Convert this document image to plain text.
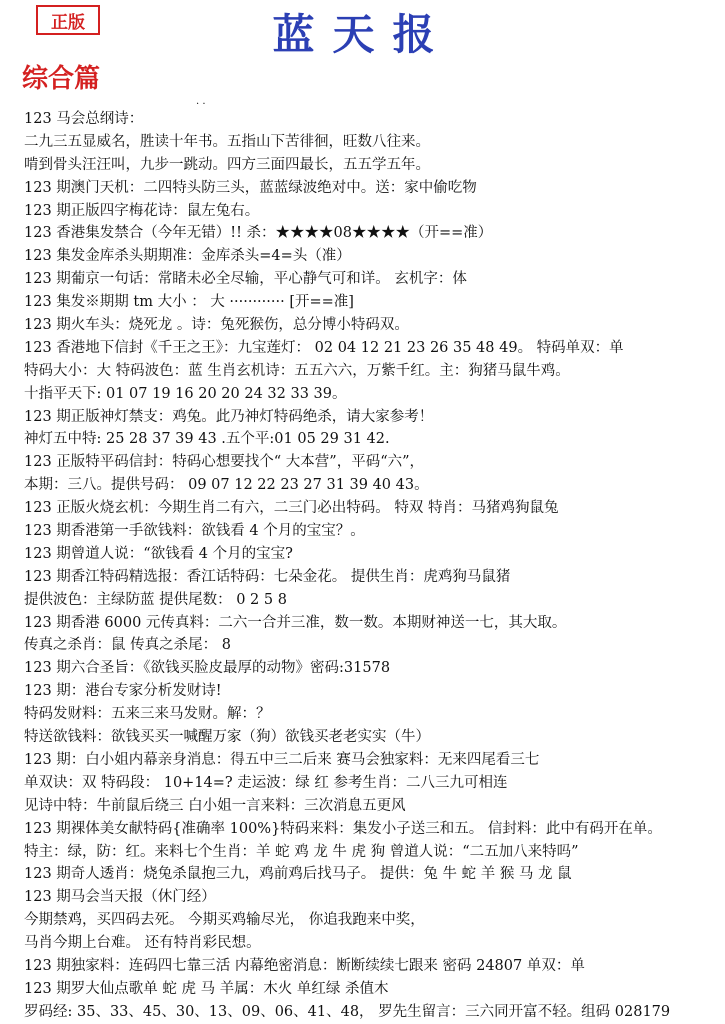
正版	蓝天报
综合篇
. .
123 马会总纲诗：
二九三五显威名，胜读十年书。五指山下苦徘徊，旺数八往来。
啃到骨头汪汪叫，九步一跳动。四方三面四最长，五五学五年。
123 期澳门天机：二四特头防三头，蓝蓝绿波绝对中。送：家中偷吃物
123 期正版四字梅花诗：鼠左兔右。
123 香港集发禁合（今年无错）!! 杀：★★★★08★★★★（开==准）
123 集发金库杀头期期准：金库杀头=4=头（准）
123 期葡京一句话：常睹未必全尽输，平心静气可和详。 玄机字：体
123 集发※期期 tm 大小 ： 大 ············ [开==准]
123 期火车头：烧死龙 。诗：兔死猴伤，总分博小特码双。
123 香港地下信封《千王之王》：九宝莲灯： 02 04 12 21 23 26 35 48 49。 特码单双：单
特码大小：大 特码波色：蓝 生肖玄机诗：五五六六，万紫千红。主：狗猪马鼠牛鸡。
十指平天下: 01 07 19 16 20 20 24 32 33 39。
123 期正版神灯禁支：鸡兔。此乃神灯特码绝杀，请大家参考！
神灯五中特: 25 28 37 39 43 .五个平:01 05 29 31 42.
123 正版特平码信封：特码心想要找个“ 大本营”，平码“六”，
本期：三八。提供号码： 09 07 12 22 23 27 31 39 40 43。
123 正版火烧玄机：今期生肖二有六，二三门必出特码。 特双 特肖：马猪鸡狗鼠兔
123 期香港第一手欲钱料：欲钱看 4 个月的宝宝？。
123 期曾道人说：“欲钱看 4 个月的宝宝?
123 期香江特码精选报：香江话特码：七朵金花。 提供生肖：虎鸡狗马鼠猪
提供波色：主绿防蓝 提供尾数： 0 2 5 8
123 期香港 6000 元传真料：二六一合并三准，数一数。本期财神送一七，其大取。
传真之杀肖：鼠 传真之杀尾： 8
123 期六合圣旨：《欲钱买脸皮最厚的动物》密码:31578
123 期：港台专家分析发财诗!
特码发财料：五来三来马发财。解：？
特送欲钱料：欲钱买买一喊醒万家（狗）欲钱买老老实实（牛）
123 期：白小姐内幕亲身消息：得五中三二后来 赛马会独家料：无来四尾看三七
单双诀：双 特码段： 10+14=? 走运波：绿 红 参考生肖：二八三九可相连
见诗中特：牛前鼠后绕三 白小姐一言来料：三次消息五更风
123 期裸体美女献特码{准确率 100%}特码来料：集发小子送三和五。 信封料：此中有码开在单。
特主：绿，防：红。来料七个生肖：羊 蛇 鸡 龙 牛 虎 狗 曾道人说：“二五加八来特吗”
123 期奇人透肖：烧兔杀鼠抱三九，鸡前鸡后找马子。 提供：兔 牛 蛇 羊 猴 马 龙 鼠
123 期马会当天报（休门经）
今期禁鸡，买四码去死。 今期买鸡输尽光， 你追我跑来中奖，
马肖今期上台难。 还有特肖彩民想。
123 期独家料：连码四七靠三活 内幕绝密消息：断断续续七跟来 密码 24807 单双：单
123 期罗大仙点歌单 蛇 虎 马 羊属：木火 单红绿 杀值木
罗码经: 35、33、45、30、13、09、06、41、48， 罗先生留言：三六同开富不轻。组码 028179
